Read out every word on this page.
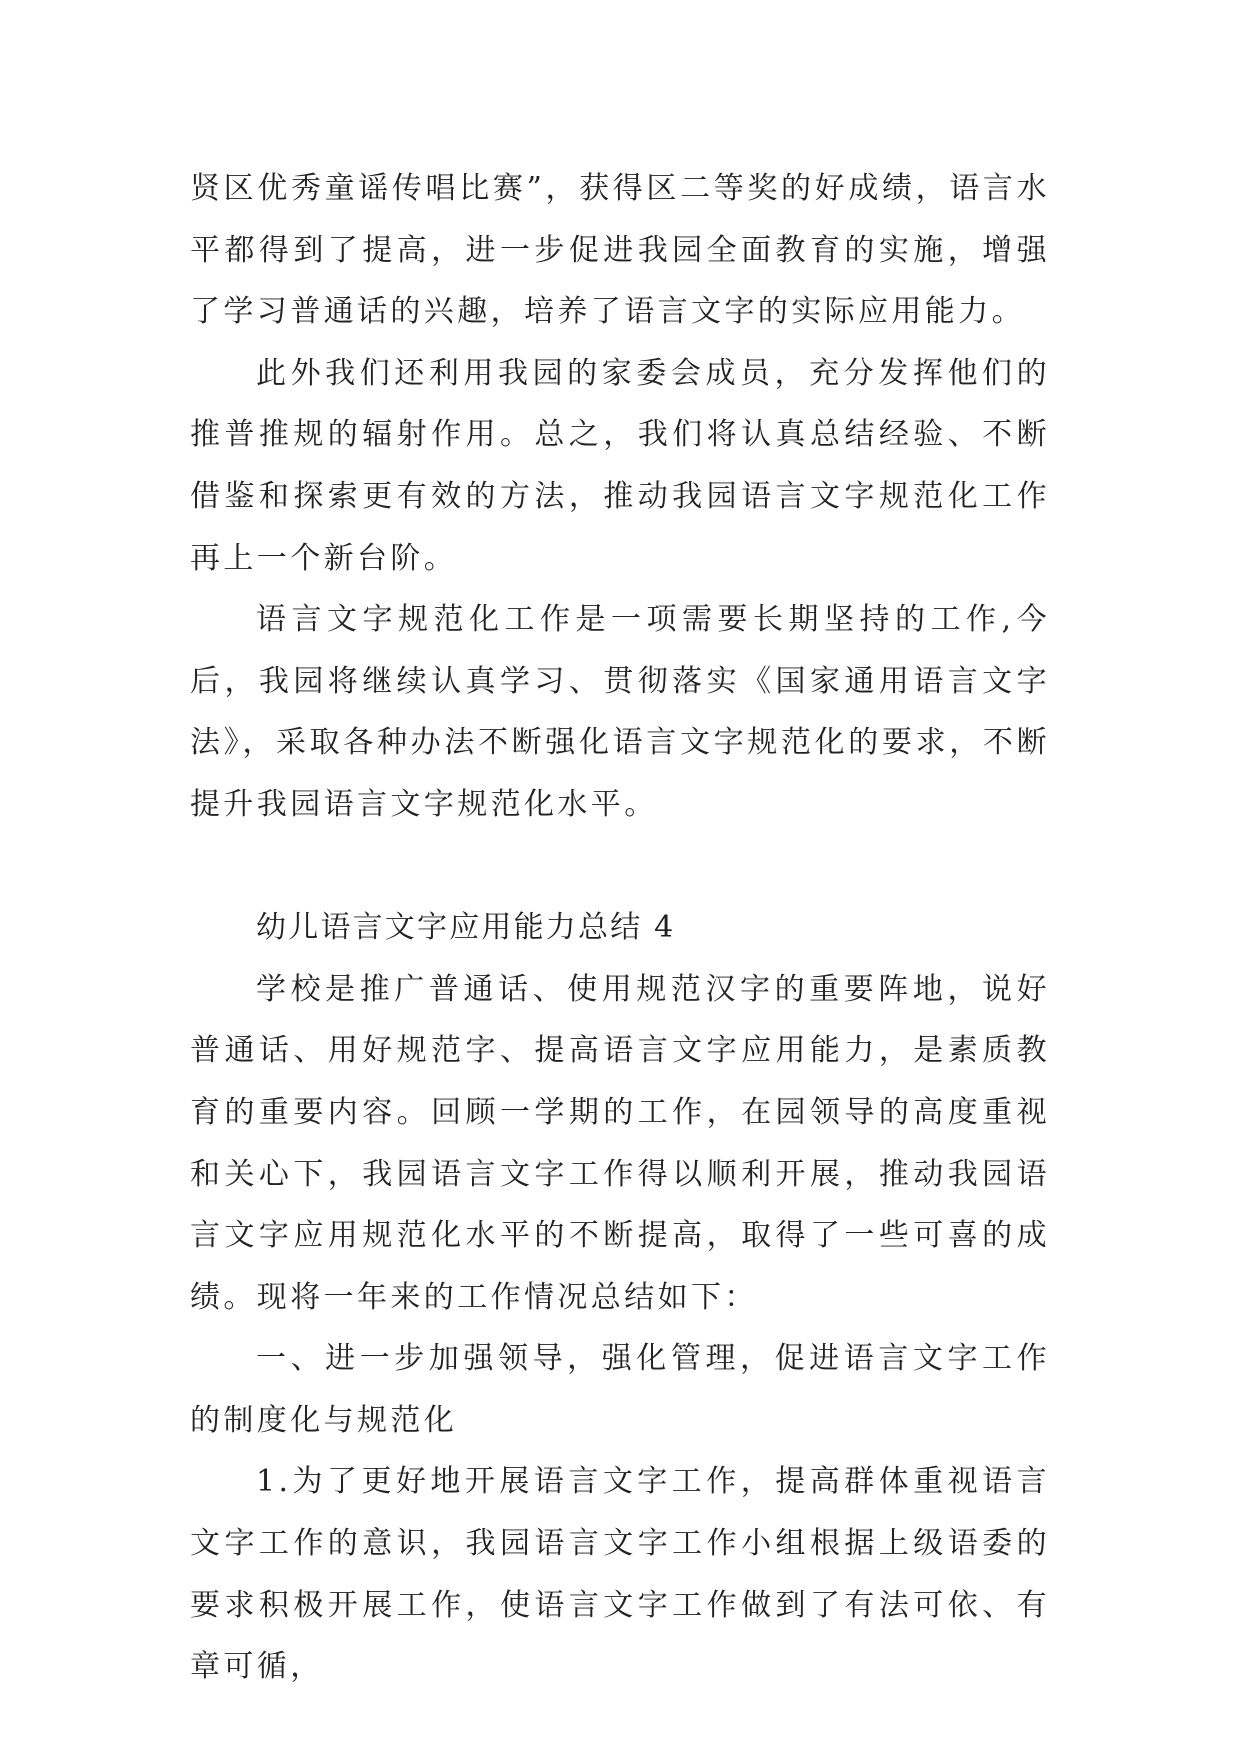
贤区优秀童谣传唱比赛”，获得区二等奖的好成绩，语言水平都得到了提高，进一步促进我园全面教育的实施，增强了学习普通话的兴趣，培养了语言文字的实际应用能力。

此外我们还利用我园的家委会成员，充分发挥他们的推普推规的辐射作用。总之，我们将认真总结经验、不断借鉴和探索更有效的方法，推动我园语言文字规范化工作再上一个新台阶。

语言文字规范化工作是一项需要长期坚持的工作,今后，我园将继续认真学习、贯彻落实《国家通用语言文字法》，采取各种办法不断强化语言文字规范化的要求，不断提升我园语言文字规范化水平。

幼儿语言文字应用能力总结 4

学校是推广普通话、使用规范汉字的重要阵地，说好普通话、用好规范字、提高语言文字应用能力，是素质教育的重要内容。回顾一学期的工作，在园领导的高度重视和关心下，我园语言文字工作得以顺利开展，推动我园语言文字应用规范化水平的不断提高，取得了一些可喜的成绩。现将一年来的工作情况总结如下：

一、进一步加强领导，强化管理，促进语言文字工作的制度化与规范化

1.为了更好地开展语言文字工作，提高群体重视语言文字工作的意识，我园语言文字工作小组根据上级语委的要求积极开展工作，使语言文字工作做到了有法可依、有章可循，
